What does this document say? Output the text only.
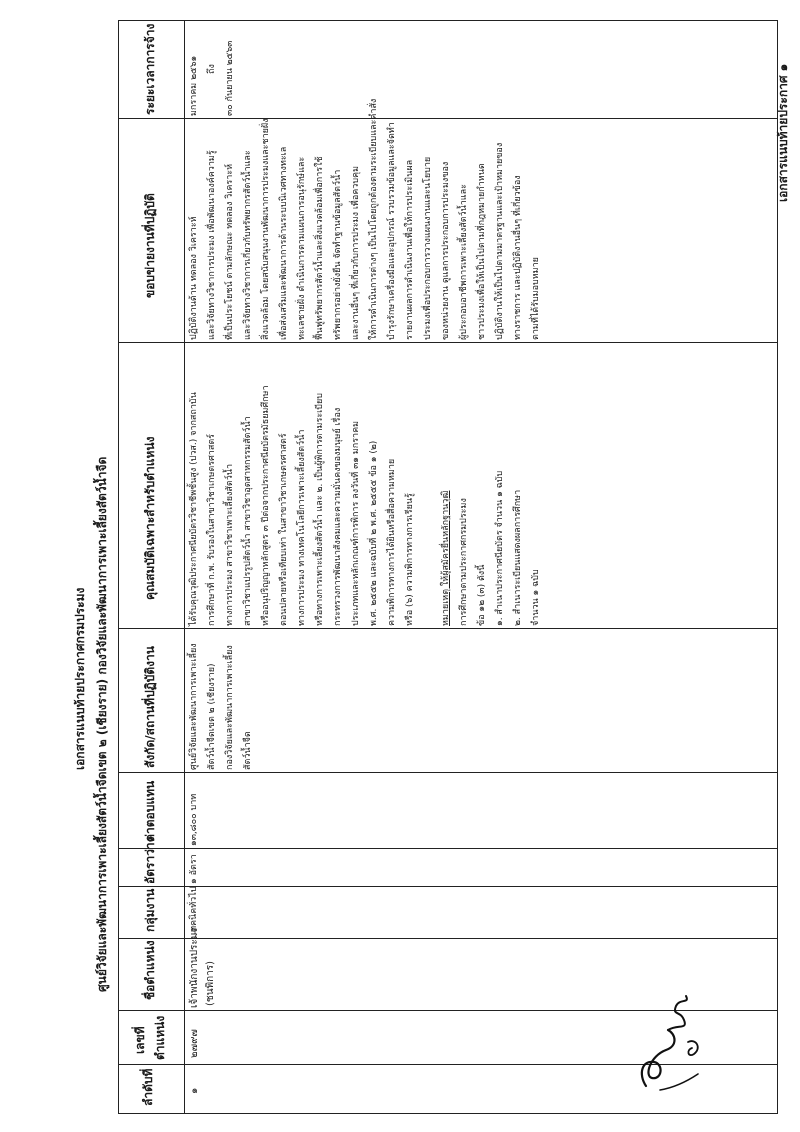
เอกสารแนบท้ายประกาศ ๑
เอกสารแนบท้ายประกาศกรมประมง ศูนย์วิจัยและพัฒนาการเพาะเลี้ยงสัตว์น้ำจืดเขต ๒ (เชียงราย) กองวิจัยและพัฒนาการเพาะเลี้ยงสัตว์น้ำจืด
ลำดับที่
เลขที่ ตำแหน่ง
ชื่อตำแหน่ง
กลุ่มงาน
อัตราว่าง
ค่าตอบแทน
สังกัด/สถานที่ปฏิบัติงาน
คุณสมบัติเฉพาะสำหรับตำแหน่ง
ขอบข่ายงานที่ปฏิบัติ
ระยะเวลาการจ้าง
๑
๒๗๙๗
เจ้าพนักงานประมง (ชนพิการ)
เทคนิคทั่วไป
๑ อัตรา
๑๓,๘๐๐ บาท
ศูนย์วิจัยและพัฒนาการเพาะเลี้ยง สัตว์น้ำจืดเขต ๒ (เชียงราย) กองวิจัยและพัฒนาการเพาะเลี้ยง สัตว์น้ำจืด
ได้รับคุณวุฒิประกาศนียบัตรวิชาชีพชั้นสูง (ปวส.) จากสถาบัน การศึกษาที่ ก.พ. รับรองในสาขาวิชาเกษตรศาสตร์ ทางการประมง สาขาวิชาเพาะเลี้ยงสัตว์น้ำ สาขาวิชาแปรรูปสัตว์น้ำ สาขาวิชาอุตสาหกรรมสัตว์น้ำ หรืออนุปริญญาหลักสูตร ๓ ปีต่อจากประกาศนียบัตรมัธยมศึกษา ตอนปลายหรือเทียบเท่า ในสาขาวิชาเกษตรศาสตร์ ทางการประมง ทางเทคโนโลยีการเพาะเลี้ยงสัตว์น้ำ หรือทางการเพาะเลี้ยงสัตว์น้ำ และ ๒. เป็นผู้พิการตามระเบียบ กระทรวงการพัฒนาสังคมและความมั่นคงของมนุษย์ เรื่อง ประเภทและหลักเกณฑ์การพิการ ลงวันที่ ๓๑ มกราคม พ.ศ. ๒๕๕๒ และฉบับที่ ๒ พ.ศ. ๒๕๕๕ ข้อ ๑ (๒) ความพิการทางการได้ยินหรือสื่อความหมาย หรือ (๖) ความพิการทางการเรียนรู้	หมายเหตุ ให้ผู้สมัครยื่นหลักฐานวุฒิ การศึกษาตามประกาศกรมประมง ข้อ ๑๒ (๓) ดังนี้ ๑. สำเนาประกาศนียบัตร จำนวน ๑ ฉบับ ๒. สำเนาระเบียนแสดงผลการศึกษา จำนวน ๑ ฉบับ
ปฏิบัติงานด้าน ทดลอง วิเคราะห์ และวิจัยทางวิชาการประมง เพื่อพัฒนาองค์ความรู้ ที่เป็นประโยชน์ ตามลักษณะ ทดลอง วิเคราะห์ และวิจัยทางวิชาการเกี่ยวกับทรัพยากรสัตว์น้ำและ สิ่งแวดล้อม โดยสนับสนุนงานพัฒนาการประมงและชายฝั่ง เพื่อส่งเสริมและพัฒนาการด้านระบบนิเวศทางทะเล ทะเลชายฝั่ง ดำเนินการตามแผนการอนุรักษ์และ ฟื้นฟูทรัพยากรสัตว์น้ำและสิ่งแวดล้อมเพื่อการใช้ ทรัพยากรอย่างยั่งยืน จัดทำฐานข้อมูลสัตว์น้ำ และงานอื่นๆ ที่เกี่ยวกับการประมง เพื่อควบคุม ให้การดำเนินการต่างๆ เป็นไปโดยถูกต้องตามระเบียบและคำสั่ง บำรุงรักษาเครื่องมือและอุปกรณ์ รวบรวมข้อมูลและจัดทำ รายงานผลการดำเนินงานเพื่อให้การประเมินผล ประมงเพื่อประกอบการวางแผนงานและนโยบาย ของหน่วยงาน ดูแลการประกอบการประมงของ ผู้ประกอบอาชีพการเพาะเลี้ยงสัตว์น้ำและ ชาวประมงเพื่อให้เป็นไปตามที่กฎหมายกำหนด ปฏิบัติงานให้เป็นไปตามมาตรฐานและเป้าหมายของ ทางราชการ และปฏิบัติงานอื่นๆ ที่เกี่ยวข้อง ตามที่ได้รับมอบหมาย
มกราคม ๒๕๖๑ ถึง ๓๐ กันยายน ๒๕๖๓
